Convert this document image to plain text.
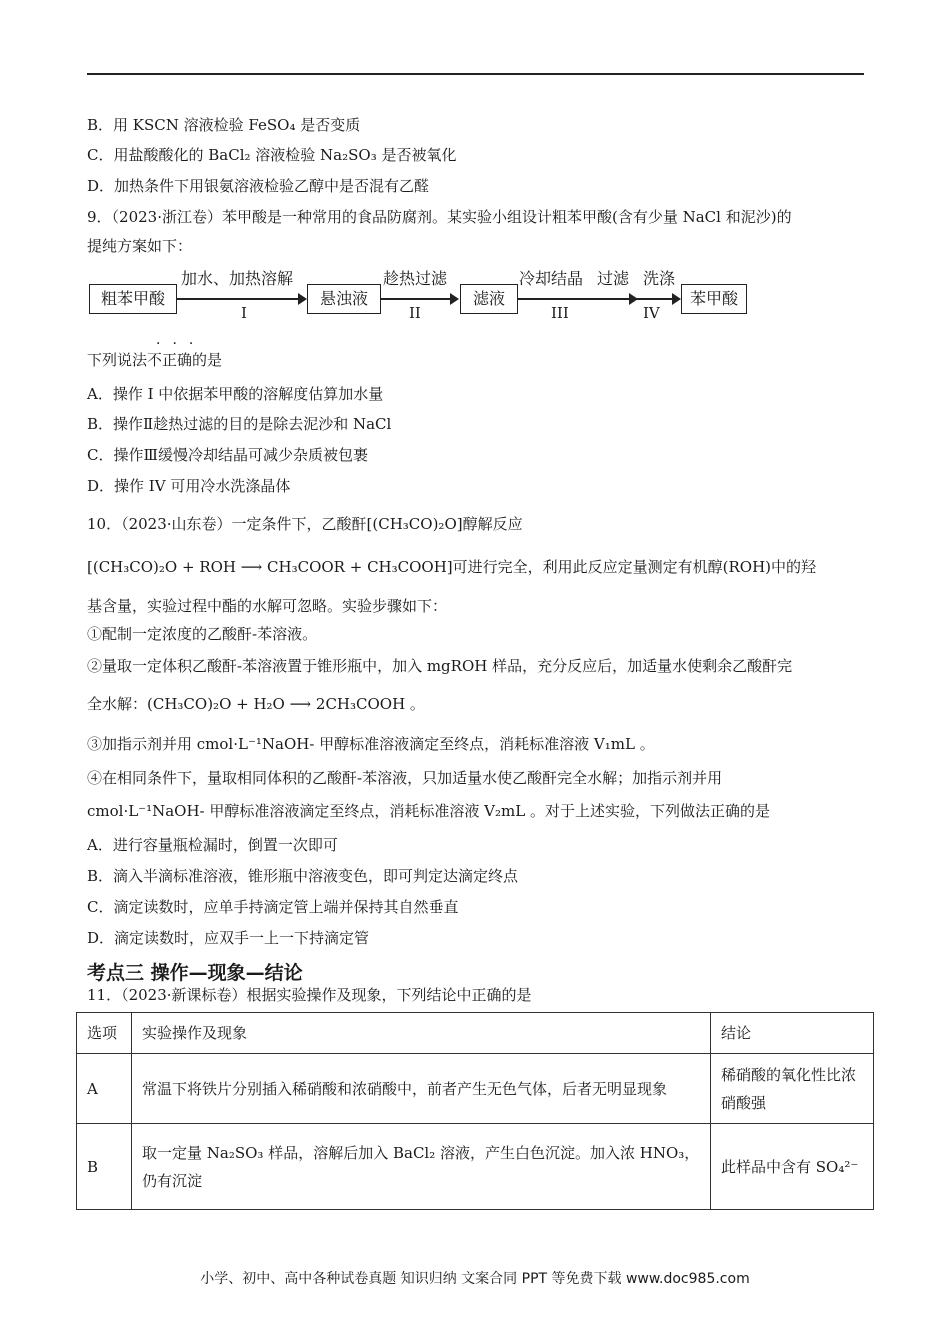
B．用 KSCN 溶液检验 FeSO₄ 是否变质
C．用盐酸酸化的 BaCl₂ 溶液检验 Na₂SO₃ 是否被氧化
D．加热条件下用银氨溶液检验乙醇中是否混有乙醛
9．（2023·浙江卷）苯甲酸是一种常用的食品防腐剂。某实验小组设计粗苯甲酸(含有少量 NaCl 和泥沙)的
提纯方案如下：
粗苯甲酸
加水、加热溶解
I
悬浊液
趁热过滤
II
滤液
冷却结晶 过滤
III
洗涤
IV
苯甲酸
···
下列说法不正确的是
A．操作 I 中依据苯甲酸的溶解度估算加水量
B．操作Ⅱ趁热过滤的目的是除去泥沙和 NaCl
C．操作Ⅲ缓慢冷却结晶可减少杂质被包裹
D．操作 IV 可用冷水洗涤晶体
10．（2023·山东卷）一定条件下，乙酸酐[(CH₃CO)₂O]醇解反应
[(CH₃CO)₂O + ROH ⟶ CH₃COOR + CH₃COOH]可进行完全，利用此反应定量测定有机醇(ROH)中的羟
基含量，实验过程中酯的水解可忽略。实验步骤如下：
①配制一定浓度的乙酸酐-苯溶液。
②量取一定体积乙酸酐-苯溶液置于锥形瓶中，加入 mgROH 样品，充分反应后，加适量水使剩余乙酸酐完
全水解：(CH₃CO)₂O + H₂O ⟶ 2CH₃COOH 。
③加指示剂并用 cmol·L⁻¹NaOH- 甲醇标准溶液滴定至终点，消耗标准溶液 V₁mL 。
④在相同条件下，量取相同体积的乙酸酐-苯溶液，只加适量水使乙酸酐完全水解；加指示剂并用
cmol·L⁻¹NaOH- 甲醇标准溶液滴定至终点，消耗标准溶液 V₂mL 。对于上述实验，下列做法正确的是
A．进行容量瓶检漏时，倒置一次即可
B．滴入半滴标准溶液，锥形瓶中溶液变色，即可判定达滴定终点
C．滴定读数时，应单手持滴定管上端并保持其自然垂直
D．滴定读数时，应双手一上一下持滴定管
考点三 操作—现象—结论
11．（2023·新课标卷）根据实验操作及现象，下列结论中正确的是
选项	实验操作及现象	结论
A	常温下将铁片分别插入稀硝酸和浓硝酸中，前者产生无色气体，后者无明显现象	稀硝酸的氧化性比浓硝酸强
B	取一定量 Na₂SO₃ 样品，溶解后加入 BaCl₂ 溶液，产生白色沉淀。加入浓 HNO₃，仍有沉淀	此样品中含有 SO₄²⁻
小学、初中、高中各种试卷真题 知识归纳 文案合同 PPT 等免费下载 www.doc985.com
